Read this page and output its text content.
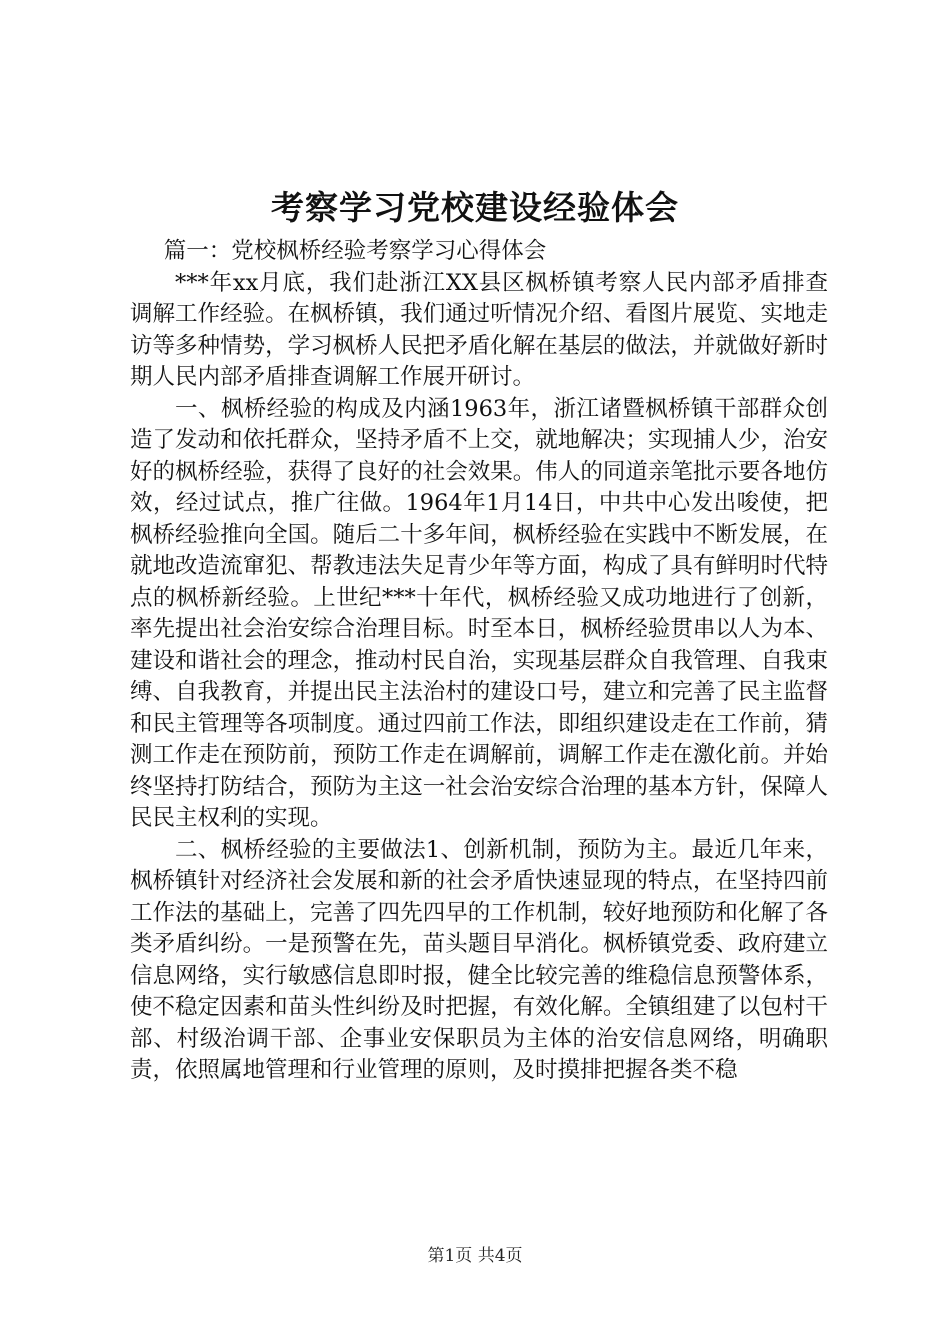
考察学习党校建设经验体会

篇一：党校枫桥经验考察学习心得体会

***年xx月底，我们赴浙江XX县区枫桥镇考察人民内部矛盾排查调解工作经验。在枫桥镇，我们通过听情况介绍、看图片展览、实地走访等多种情势，学习枫桥人民把矛盾化解在基层的做法，并就做好新时期人民内部矛盾排查调解工作展开研讨。

一、枫桥经验的构成及内涵1963年，浙江诸暨枫桥镇干部群众创造了发动和依托群众，坚持矛盾不上交，就地解决；实现捕人少，治安好的枫桥经验，获得了良好的社会效果。伟人的同道亲笔批示要各地仿效，经过试点，推广往做。1964年1月14日，中共中心发出唆使，把枫桥经验推向全国。随后二十多年间，枫桥经验在实践中不断发展，在就地改造流窜犯、帮教违法失足青少年等方面，构成了具有鲜明时代特点的枫桥新经验。上世纪***十年代，枫桥经验又成功地进行了创新，率先提出社会治安综合治理目标。时至本日，枫桥经验贯串以人为本、建设和谐社会的理念，推动村民自治，实现基层群众自我管理、自我束缚、自我教育，并提出民主法治村的建设口号，建立和完善了民主监督和民主管理等各项制度。通过四前工作法，即组织建设走在工作前，猜测工作走在预防前，预防工作走在调解前，调解工作走在激化前。并始终坚持打防结合，预防为主这一社会治安综合治理的基本方针，保障人民民主权利的实现。

二、枫桥经验的主要做法1、创新机制，预防为主。最近几年来，枫桥镇针对经济社会发展和新的社会矛盾快速显现的特点，在坚持四前工作法的基础上，完善了四先四早的工作机制，较好地预防和化解了各类矛盾纠纷。一是预警在先，苗头题目早消化。枫桥镇党委、政府建立信息网络，实行敏感信息即时报，健全比较完善的维稳信息预警体系，使不稳定因素和苗头性纠纷及时把握，有效化解。全镇组建了以包村干部、村级治调干部、企事业安保职员为主体的治安信息网络，明确职责，依照属地管理和行业管理的原则，及时摸排把握各类不稳

第1页 共4页
